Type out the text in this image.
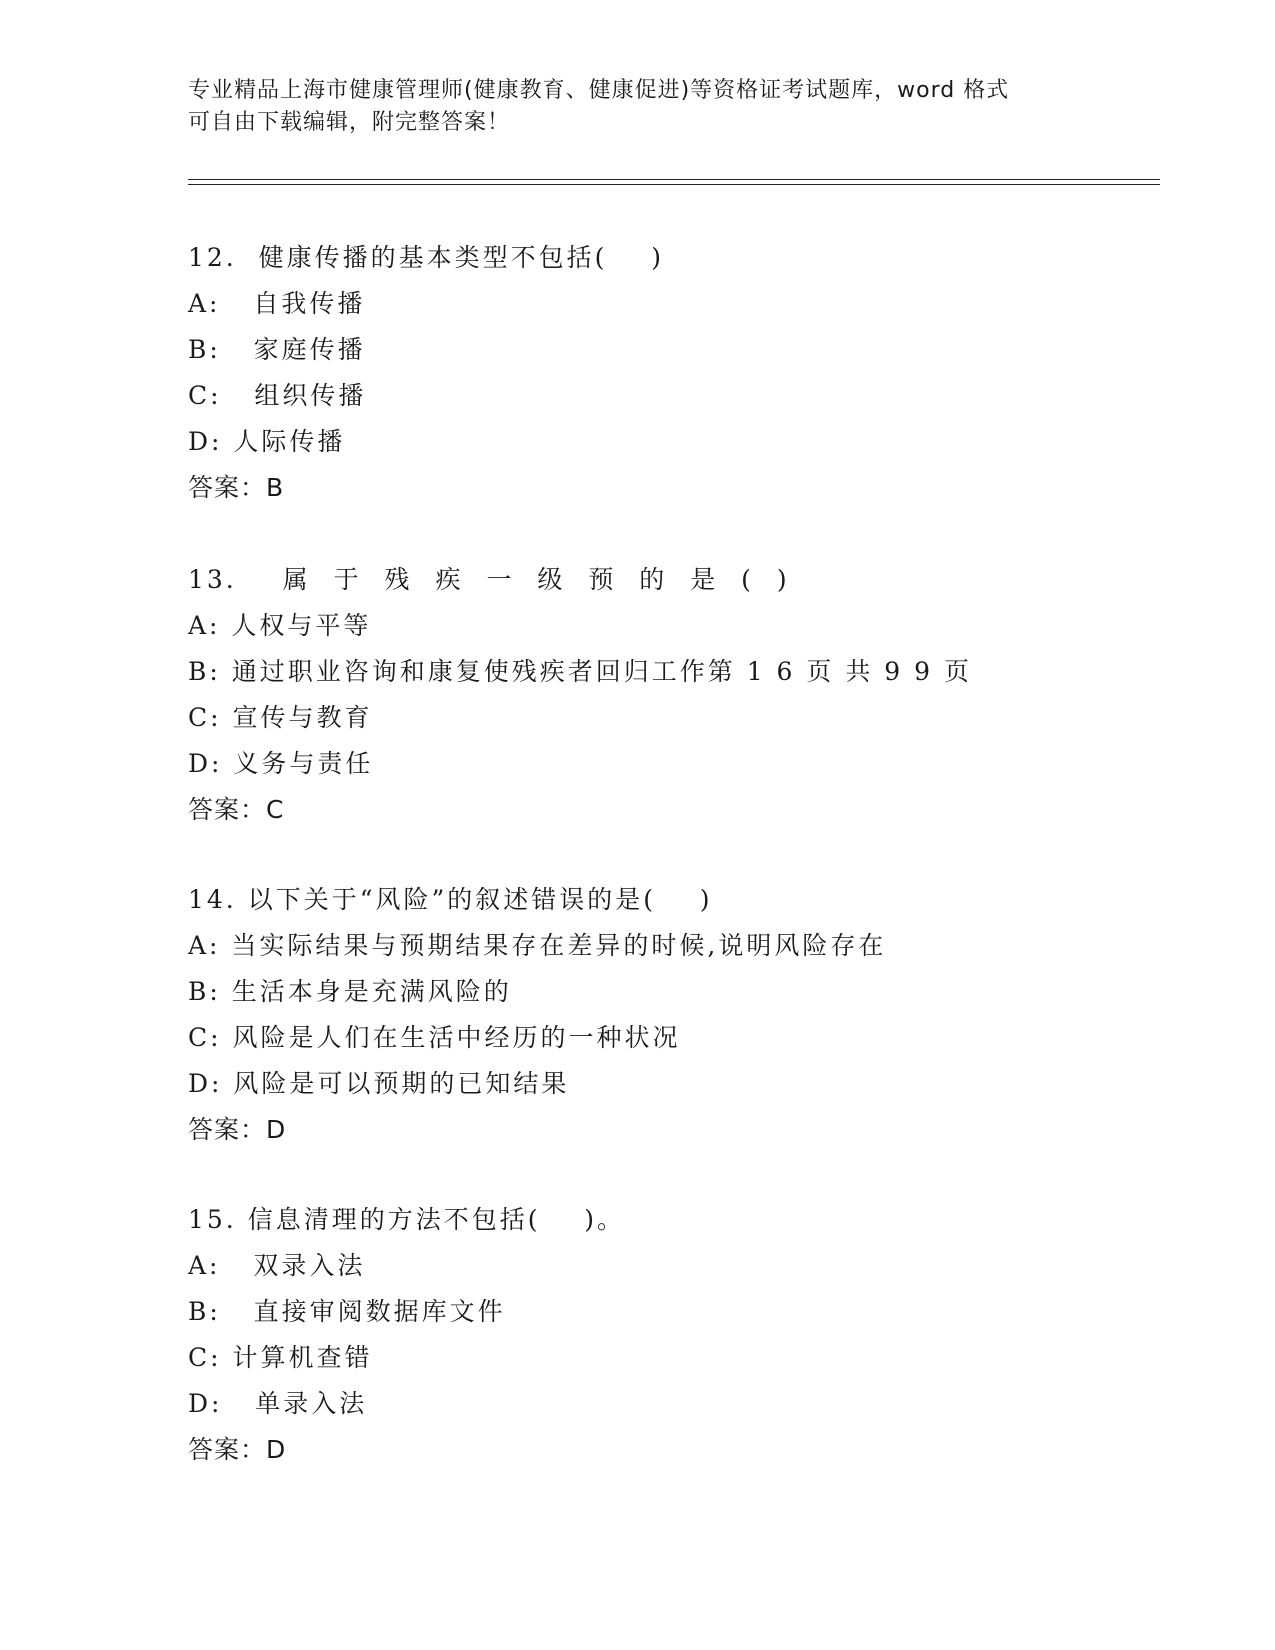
专业精品上海市健康管理师(健康教育、健康促进)等资格证考试题库，word 格式

可自由下载编辑，附完整答案！

12.  健康传播的基本类型不包括(    )
A:   自我传播
B:   家庭传播
C:   组织传播
D: 人际传播
答案：B
13.  属 于 残 疾 一 级 预 的 是 ( )
A: 人权与平等
B: 通过职业咨询和康复使残疾者回归工作第 1 6 页 共 9 9 页
C: 宣传与教育
D: 义务与责任
答案：C
14. 以下关于“风险”的叙述错误的是(    )
A: 当实际结果与预期结果存在差异的时候,说明风险存在
B: 生活本身是充满风险的
C: 风险是人们在生活中经历的一种状况
D: 风险是可以预期的已知结果
答案：D
15. 信息清理的方法不包括(    )。
A:   双录入法
B:   直接审阅数据库文件
C: 计算机查错
D:   单录入法
答案：D
